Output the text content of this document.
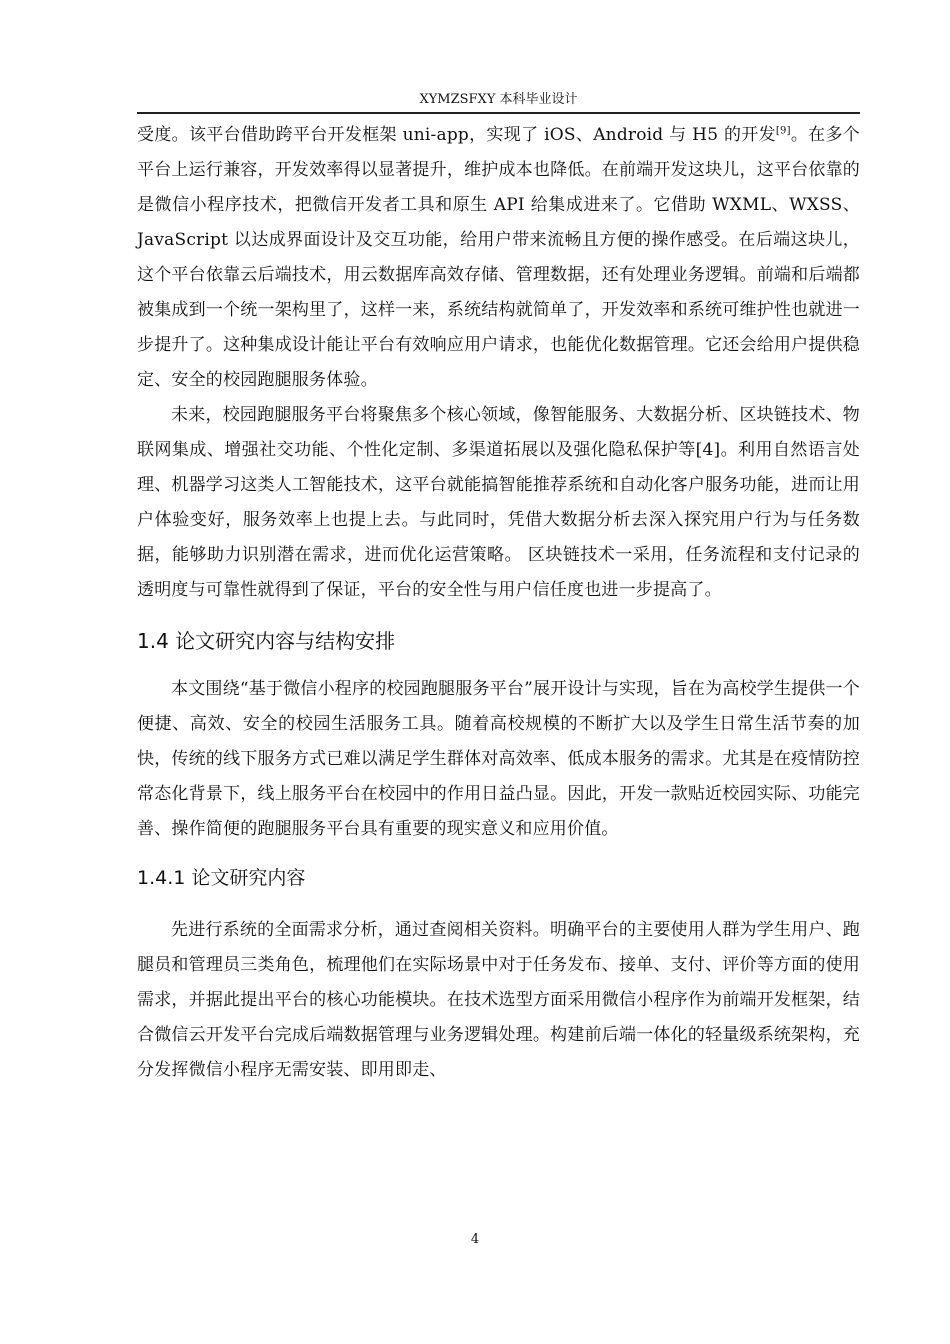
XYMZSFXY 本科毕业设计

受度。该平台借助跨平台开发框架 uni-app，实现了 iOS、Android 与 H5 的开发[9]。在多个平台上运行兼容，开发效率得以显著提升，维护成本也降低。在前端开发这块儿，这平台依靠的是微信小程序技术，把微信开发者工具和原生 API 给集成进来了。它借助 WXML、WXSS、JavaScript 以达成界面设计及交互功能，给用户带来流畅且方便的操作感受。在后端这块儿，这个平台依靠云后端技术，用云数据库高效存储、管理数据，还有处理业务逻辑。前端和后端都被集成到一个统一架构里了，这样一来，系统结构就简单了，开发效率和系统可维护性也就进一步提升了。这种集成设计能让平台有效响应用户请求，也能优化数据管理。它还会给用户提供稳定、安全的校园跑腿服务体验。

未来，校园跑腿服务平台将聚焦多个核心领域，像智能服务、大数据分析、区块链技术、物联网集成、增强社交功能、个性化定制、多渠道拓展以及强化隐私保护等[4]。利用自然语言处理、机器学习这类人工智能技术，这平台就能搞智能推荐系统和自动化客户服务功能，进而让用户体验变好，服务效率上也提上去。与此同时，凭借大数据分析去深入探究用户行为与任务数据，能够助力识别潜在需求，进而优化运营策略。 区块链技术一采用，任务流程和支付记录的透明度与可靠性就得到了保证，平台的安全性与用户信任度也进一步提高了。

1.4 论文研究内容与结构安排

本文围绕“基于微信小程序的校园跑腿服务平台”展开设计与实现，旨在为高校学生提供一个便捷、高效、安全的校园生活服务工具。随着高校规模的不断扩大以及学生日常生活节奏的加快，传统的线下服务方式已难以满足学生群体对高效率、低成本服务的需求。尤其是在疫情防控常态化背景下，线上服务平台在校园中的作用日益凸显。因此，开发一款贴近校园实际、功能完善、操作简便的跑腿服务平台具有重要的现实意义和应用价值。

1.4.1 论文研究内容

先进行系统的全面需求分析，通过查阅相关资料。明确平台的主要使用人群为学生用户、跑腿员和管理员三类角色，梳理他们在实际场景中对于任务发布、接单、支付、评价等方面的使用需求，并据此提出平台的核心功能模块。在技术选型方面采用微信小程序作为前端开发框架，结合微信云开发平台完成后端数据管理与业务逻辑处理。构建前后端一体化的轻量级系统架构，充分发挥微信小程序无需安装、即用即走、

4
